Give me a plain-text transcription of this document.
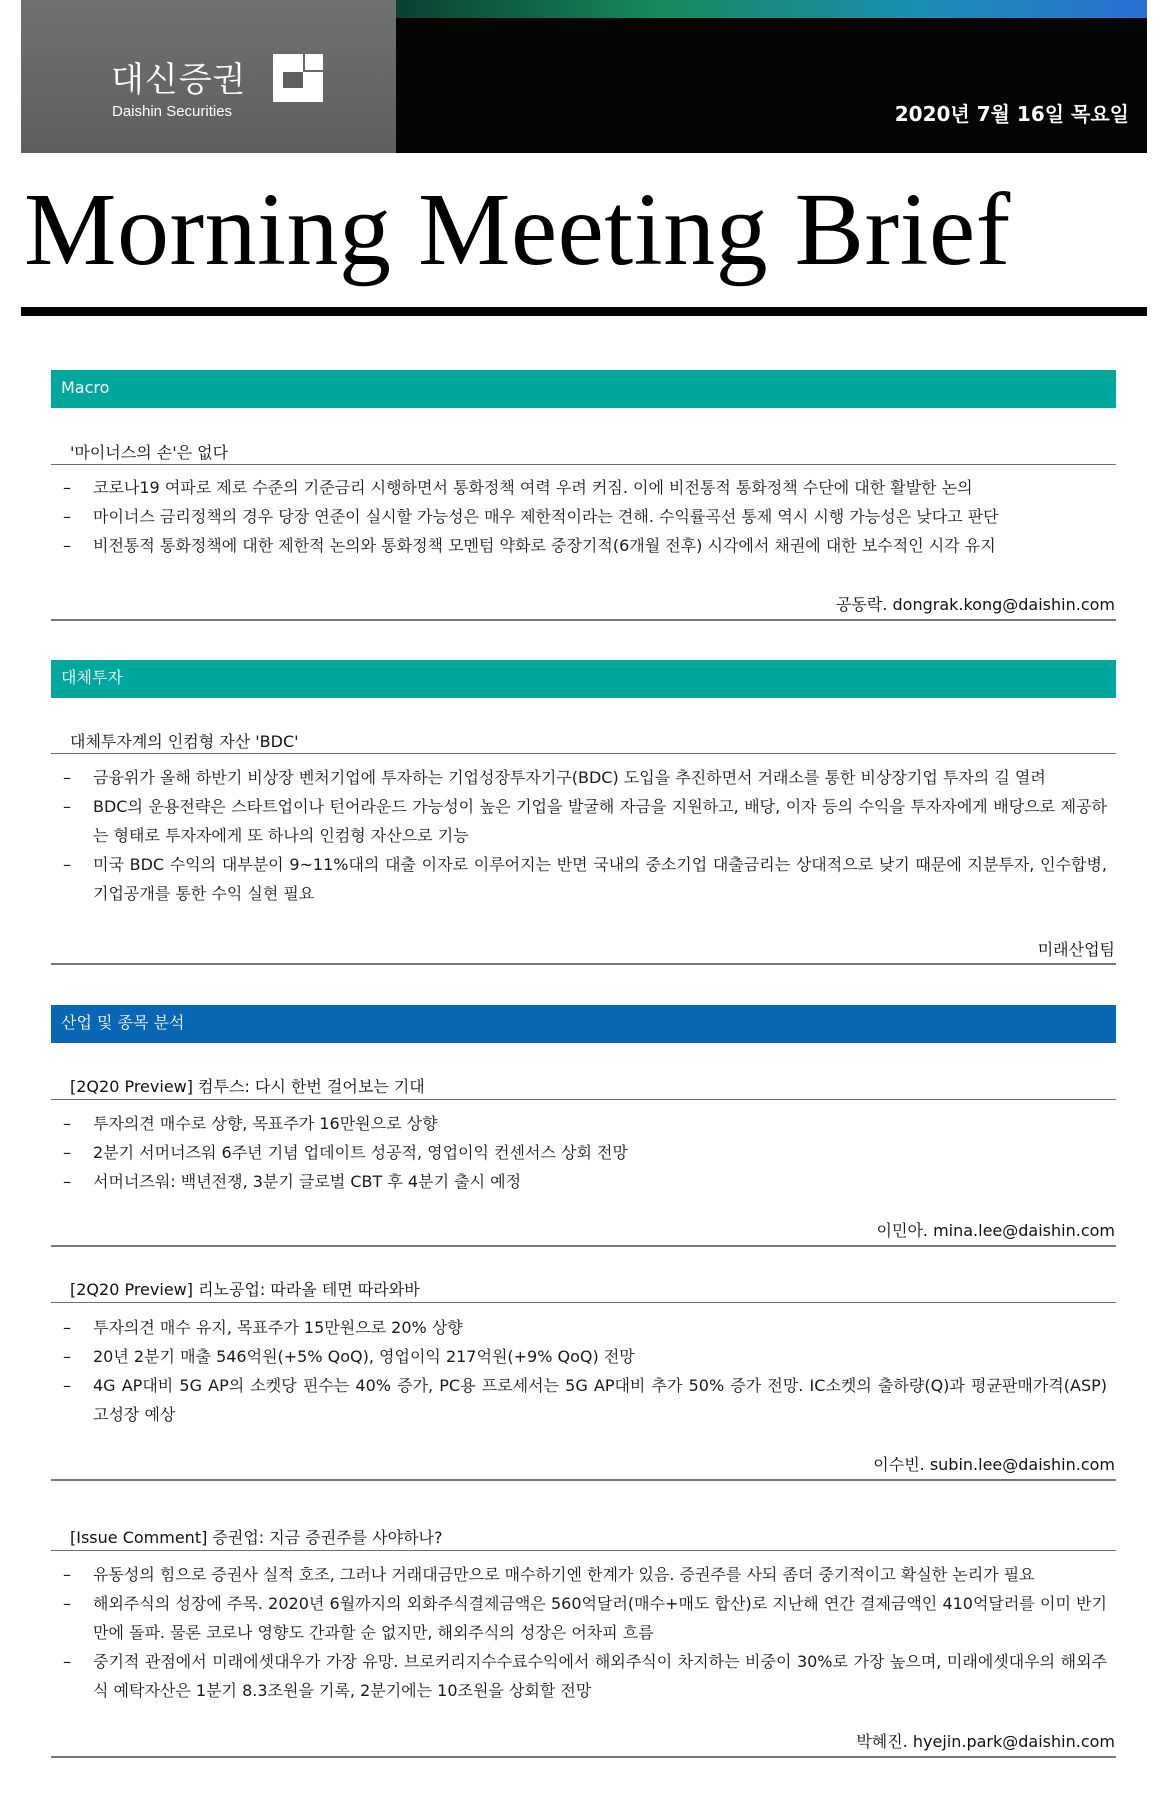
대신증권
Daishin Securities	2020년 7월 16일 목요일
Morning Meeting Brief
Macro
'마이너스의 손'은 없다
– 코로나19 여파로 제로 수준의 기준금리 시행하면서 통화정책 여력 우려 커짐. 이에 비전통적 통화정책 수단에 대한 활발한 논의
– 마이너스 금리정책의 경우 당장 연준이 실시할 가능성은 매우 제한적이라는 견해. 수익률곡선 통제 역시 시행 가능성은 낮다고 판단
– 비전통적 통화정책에 대한 제한적 논의와 통화정책 모멘텀 약화로 중장기적(6개월 전후) 시각에서 채권에 대한 보수적인 시각 유지
공동락. dongrak.kong@daishin.com
대체투자
대체투자계의 인컴형 자산 'BDC'
– 금융위가 올해 하반기 비상장 벤처기업에 투자하는 기업성장투자기구(BDC) 도입을 추진하면서 거래소를 통한 비상장기업 투자의 길 열려
– BDC의 운용전략은 스타트업이나 턴어라운드 가능성이 높은 기업을 발굴해 자금을 지원하고, 배당, 이자 등의 수익을 투자자에게 배당으로 제공하는 형태로 투자자에게 또 하나의 인컴형 자산으로 기능
– 미국 BDC 수익의 대부분이 9~11%대의 대출 이자로 이루어지는 반면 국내의 중소기업 대출금리는 상대적으로 낮기 때문에 지분투자, 인수합병, 기업공개를 통한 수익 실현 필요
미래산업팀
산업 및 종목 분석
[2Q20 Preview] 컴투스: 다시 한번 걸어보는 기대
– 투자의견 매수로 상향, 목표주가 16만원으로 상향
– 2분기 서머너즈워 6주년 기념 업데이트 성공적, 영업이익 컨센서스 상회 전망
– 서머너즈워: 백년전쟁, 3분기 글로벌 CBT 후 4분기 출시 예정
이민아. mina.lee@daishin.com
[2Q20 Preview] 리노공업: 따라올 테면 따라와바
– 투자의견 매수 유지, 목표주가 15만원으로 20% 상향
– 20년 2분기 매출 546억원(+5% QoQ), 영업이익 217억원(+9% QoQ) 전망
– 4G AP대비 5G AP의 소켓당 핀수는 40% 증가, PC용 프로세서는 5G AP대비 추가 50% 증가 전망. IC소켓의 출하량(Q)과 평균판매가격(ASP) 고성장 예상
이수빈. subin.lee@daishin.com
[Issue Comment] 증권업: 지금 증권주를 사야하나?
– 유동성의 힘으로 증권사 실적 호조, 그러나 거래대금만으로 매수하기엔 한계가 있음. 증권주를 사되 좀더 중기적이고 확실한 논리가 필요
– 해외주식의 성장에 주목. 2020년 6월까지의 외화주식결제금액은 560억달러(매수+매도 합산)로 지난해 연간 결제금액인 410억달러를 이미 반기만에 돌파. 물론 코로나 영향도 간과할 순 없지만, 해외주식의 성장은 어차피 흐름
– 중기적 관점에서 미래에셋대우가 가장 유망. 브로커리지수수료수익에서 해외주식이 차지하는 비중이 30%로 가장 높으며, 미래에셋대우의 해외주식 예탁자산은 1분기 8.3조원을 기록, 2분기에는 10조원을 상회할 전망
박혜진. hyejin.park@daishin.com
